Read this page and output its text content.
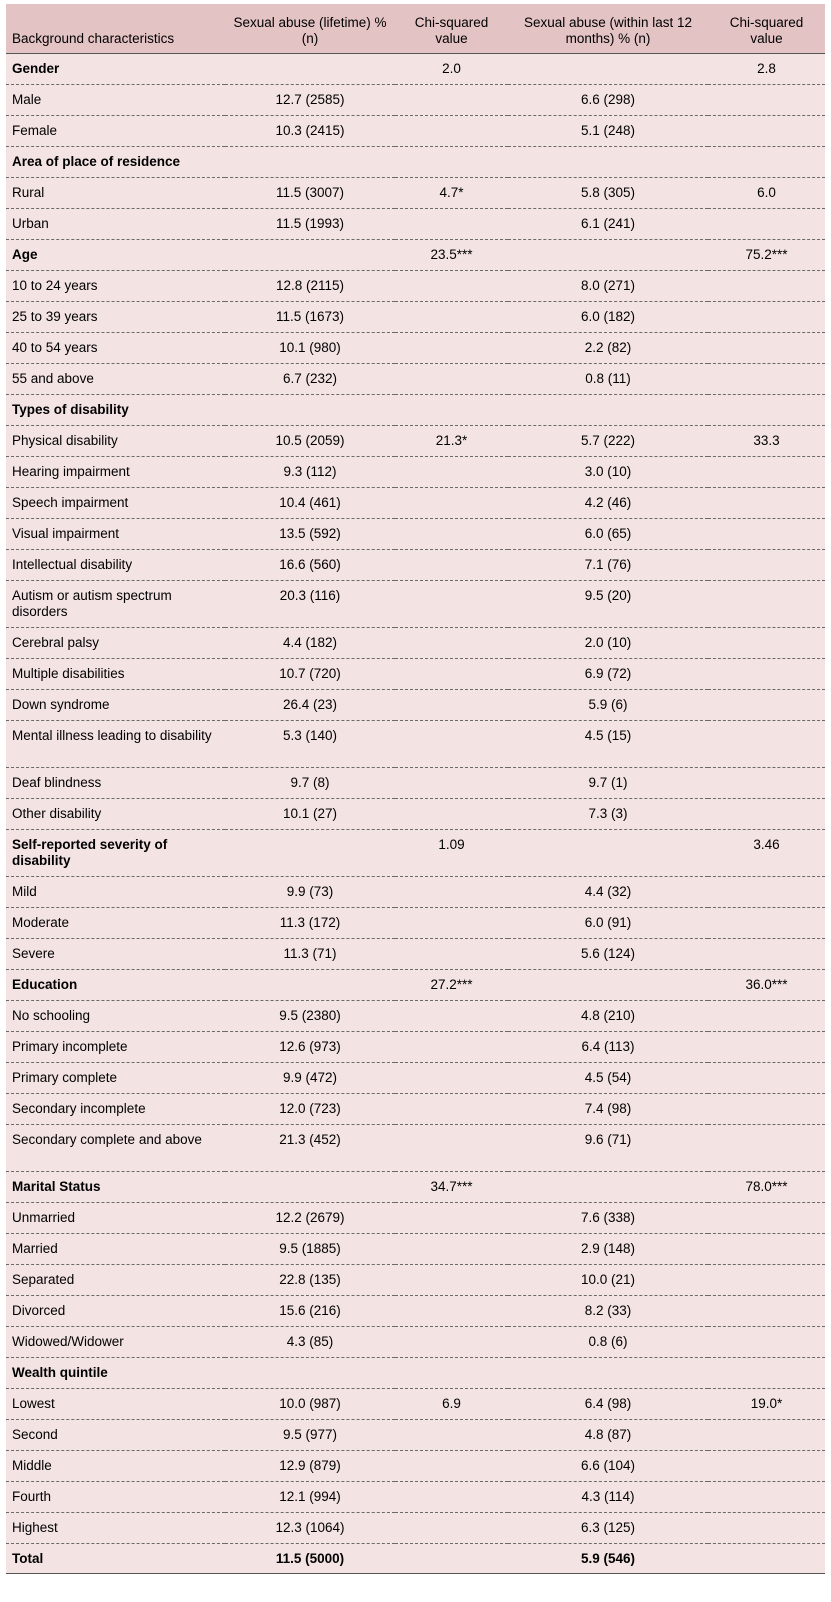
Background characteristics	Sexual abuse (lifetime) % (n)	Chi-squared value	Sexual abuse (within last 12 months) % (n)	Chi-squared value
Gender		2.0		2.8
Male	12.7 (2585)		6.6 (298)	
Female	10.3 (2415)		5.1 (248)	
Area of place of residence				
Rural	11.5 (3007)	4.7*	5.8 (305)	6.0
Urban	11.5 (1993)		6.1 (241)	
Age		23.5***		75.2***
10 to 24 years	12.8 (2115)		8.0 (271)	
25 to 39 years	11.5 (1673)		6.0 (182)	
40 to 54 years	10.1 (980)		2.2 (82)	
55 and above	6.7 (232)		0.8 (11)	
Types of disability				
Physical disability	10.5 (2059)	21.3*	5.7 (222)	33.3
Hearing impairment	9.3 (112)		3.0 (10)	
Speech impairment	10.4 (461)		4.2 (46)	
Visual impairment	13.5 (592)		6.0 (65)	
Intellectual disability	16.6 (560)		7.1 (76)	
Autism or autism spectrum disorders	20.3 (116)		9.5 (20)	
Cerebral palsy	4.4 (182)		2.0 (10)	
Multiple disabilities	10.7 (720)		6.9 (72)	
Down syndrome	26.4 (23)		5.9 (6)	
Mental illness leading to disability	5.3 (140)		4.5 (15)	
Deaf blindness	9.7 (8)		9.7 (1)	
Other disability	10.1 (27)		7.3 (3)	
Self-reported severity of disability		1.09		3.46
Mild	9.9 (73)		4.4 (32)	
Moderate	11.3 (172)		6.0 (91)	
Severe	11.3 (71)		5.6 (124)	
Education		27.2***		36.0***
No schooling	9.5 (2380)		4.8 (210)	
Primary incomplete	12.6 (973)		6.4 (113)	
Primary complete	9.9 (472)		4.5 (54)	
Secondary incomplete	12.0 (723)		7.4 (98)	
Secondary complete and above	21.3 (452)		9.6 (71)	
Marital Status		34.7***		78.0***
Unmarried	12.2 (2679)		7.6 (338)	
Married	9.5 (1885)		2.9 (148)	
Separated	22.8 (135)		10.0 (21)	
Divorced	15.6 (216)		8.2 (33)	
Widowed/Widower	4.3 (85)		0.8 (6)	
Wealth quintile				
Lowest	10.0 (987)	6.9	6.4 (98)	19.0*
Second	9.5 (977)		4.8 (87)	
Middle	12.9 (879)		6.6 (104)	
Fourth	12.1 (994)		4.3 (114)	
Highest	12.3 (1064)		6.3 (125)	
Total	11.5 (5000)		5.9 (546)	
